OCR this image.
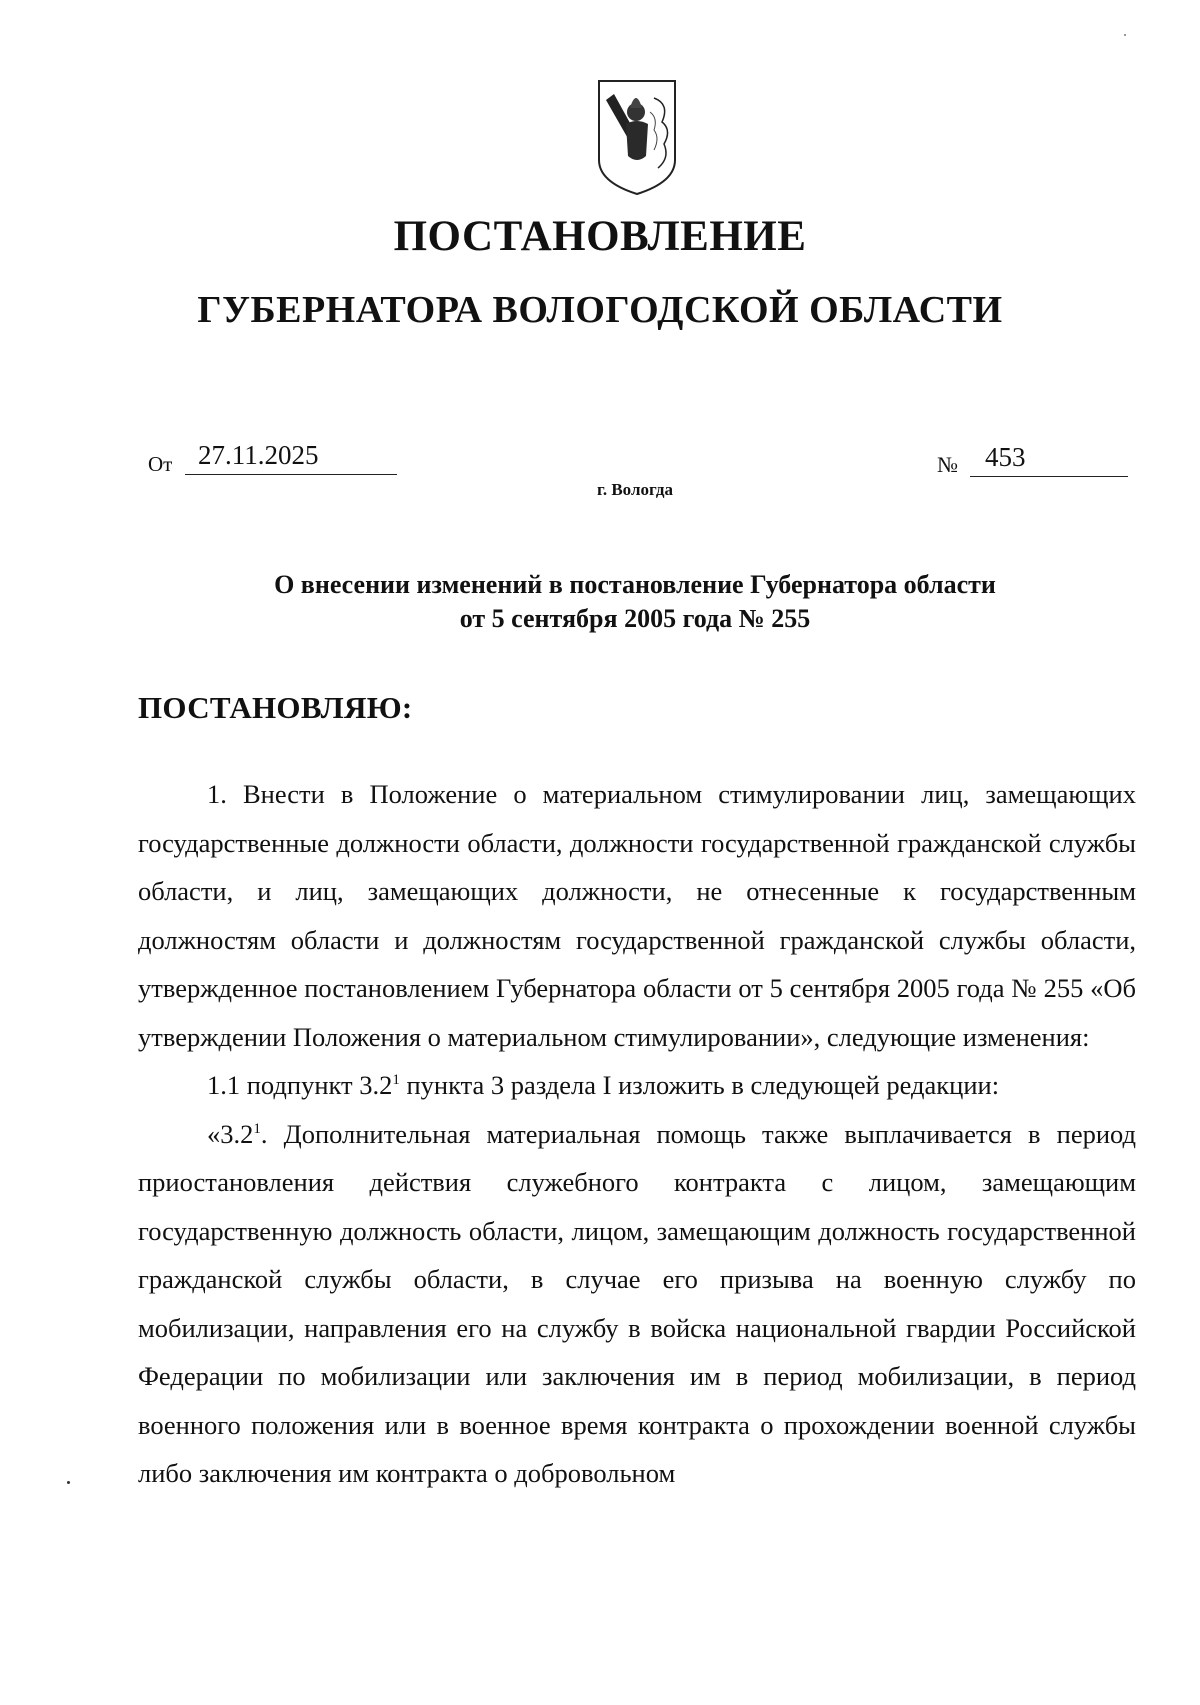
ПОСТАНОВЛЕНИЕ
ГУБЕРНАТОРА ВОЛОГОДСКОЙ ОБЛАСТИ
От 27.11.2025	№ 453
г. Вологда
О внесении изменений в постановление Губернатора области
от 5 сентября 2005 года № 255
ПОСТАНОВЛЯЮ:

1. Внести в Положение о материальном стимулировании лиц, замещающих государственные должности области, должности государственной гражданской службы области, и лиц, замещающих должности, не отнесенные к государственным должностям области и должностям государственной гражданской службы области, утвержденное постановлением Губернатора области от 5 сентября 2005 года № 255 «Об утверждении Положения о материальном стимулировании», следующие изменения:

1.1 подпункт $3.2^1$ пункта 3 раздела I изложить в следующей редакции:

«$3.2^1$. Дополнительная материальная помощь также выплачивается в период приостановления действия служебного контракта с лицом, замещающим государственную должность области, лицом, замещающим должность государственной гражданской службы области, в случае его призыва на военную службу по мобилизации, направления его на службу в войска национальной гвардии Российской Федерации по мобилизации или заключения им в период мобилизации, в период военного положения или в военное время контракта о прохождении военной службы либо заключения им контракта о добровольном
